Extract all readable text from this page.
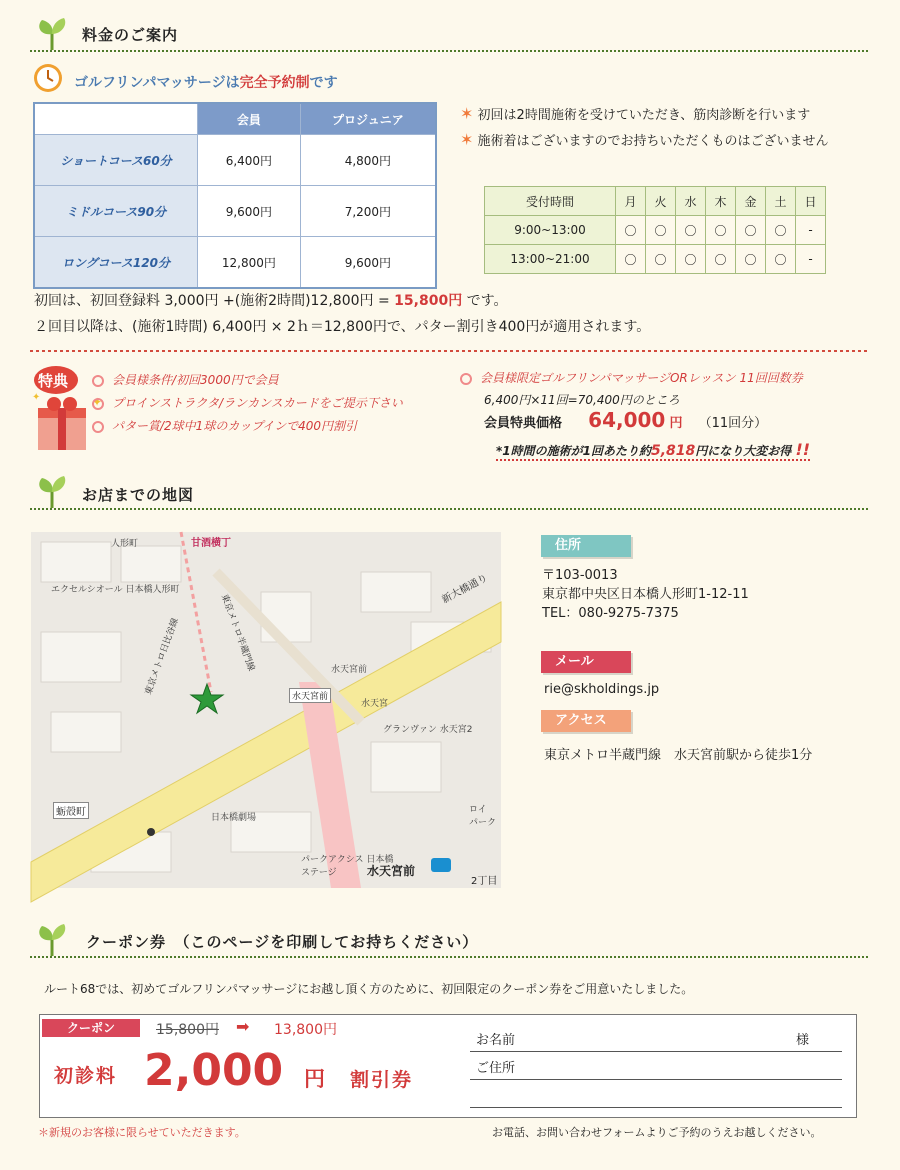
料金のご案内
ゴルフリンパマッサージは完全予約制です
	会員	プロジュニア
ショートコース60分	6,400円	4,800円
ミドルコース90分	9,600円	7,200円
ロングコース120分	12,800円	9,600円
✶ 初回は2時間施術を受けていただき、筋肉診断を行います
✶ 施術着はございますのでお持ちいただくものはございません
受付時間	月	火	水	木	金	土	日
9:00~13:00	〇	〇	〇	〇	〇	〇	-
13:00~21:00	〇	〇	〇	〇	〇	〇	-
初回は、初回登録料 3,000円 +(施術2時間)12,800円 = 15,800円 です。
２回目以降は、(施術1時間) 6,400円 × 2ｈ＝12,800円で、パター割引き400円が適用されます。
✦
✦
特典	会員様条件/初回3000円で会員
プロインストラクタ/ランカンスカードをご提示下さい
パター賞/2球中1球のカップインで400円割引
会員様限定ゴルフリンパマッサージORレッスン 11回回数券
6,400円×11回=70,400円のところ
会員特典価格 64,000 円 （11回分）
*1時間の施術が1回あたり約5,818円になり大変お得 !!
お店までの地図
甘酒横丁
エクセルシオール 日本橋人形町
人形町
東京メトロ半蔵門線
東京メトロ日比谷線
新大橋通り
水天宮前
水天宮前
水天宮
グランヴァン 水天宮2
蛎殻町	日本橋劇場
パークアクシス 日本橋ステージ	水天宮前
2丁目
ロイ パーク
住所
〒103-0013
東京都中央区日本橋人形町1-12-11
TEL：080-9275-7375
メール
rie@skholdings.jp
アクセス
東京メトロ半蔵門線　水天宮前駅から徒歩1分
クーポン券　（このページを印刷してお持ちください）
ルート68では、初めてゴルフリンパマッサージにお越し頂く方のために、初回限定のクーポン券をご用意いたしました。
クーポン	15,800円 ➡ 13,800円
初診料 2,000 円 割引券
お名前	様
ご住所
＊新規のお客様に限らせていただきます。	お電話、お問い合わせフォームよりご予約のうえお越しください。
